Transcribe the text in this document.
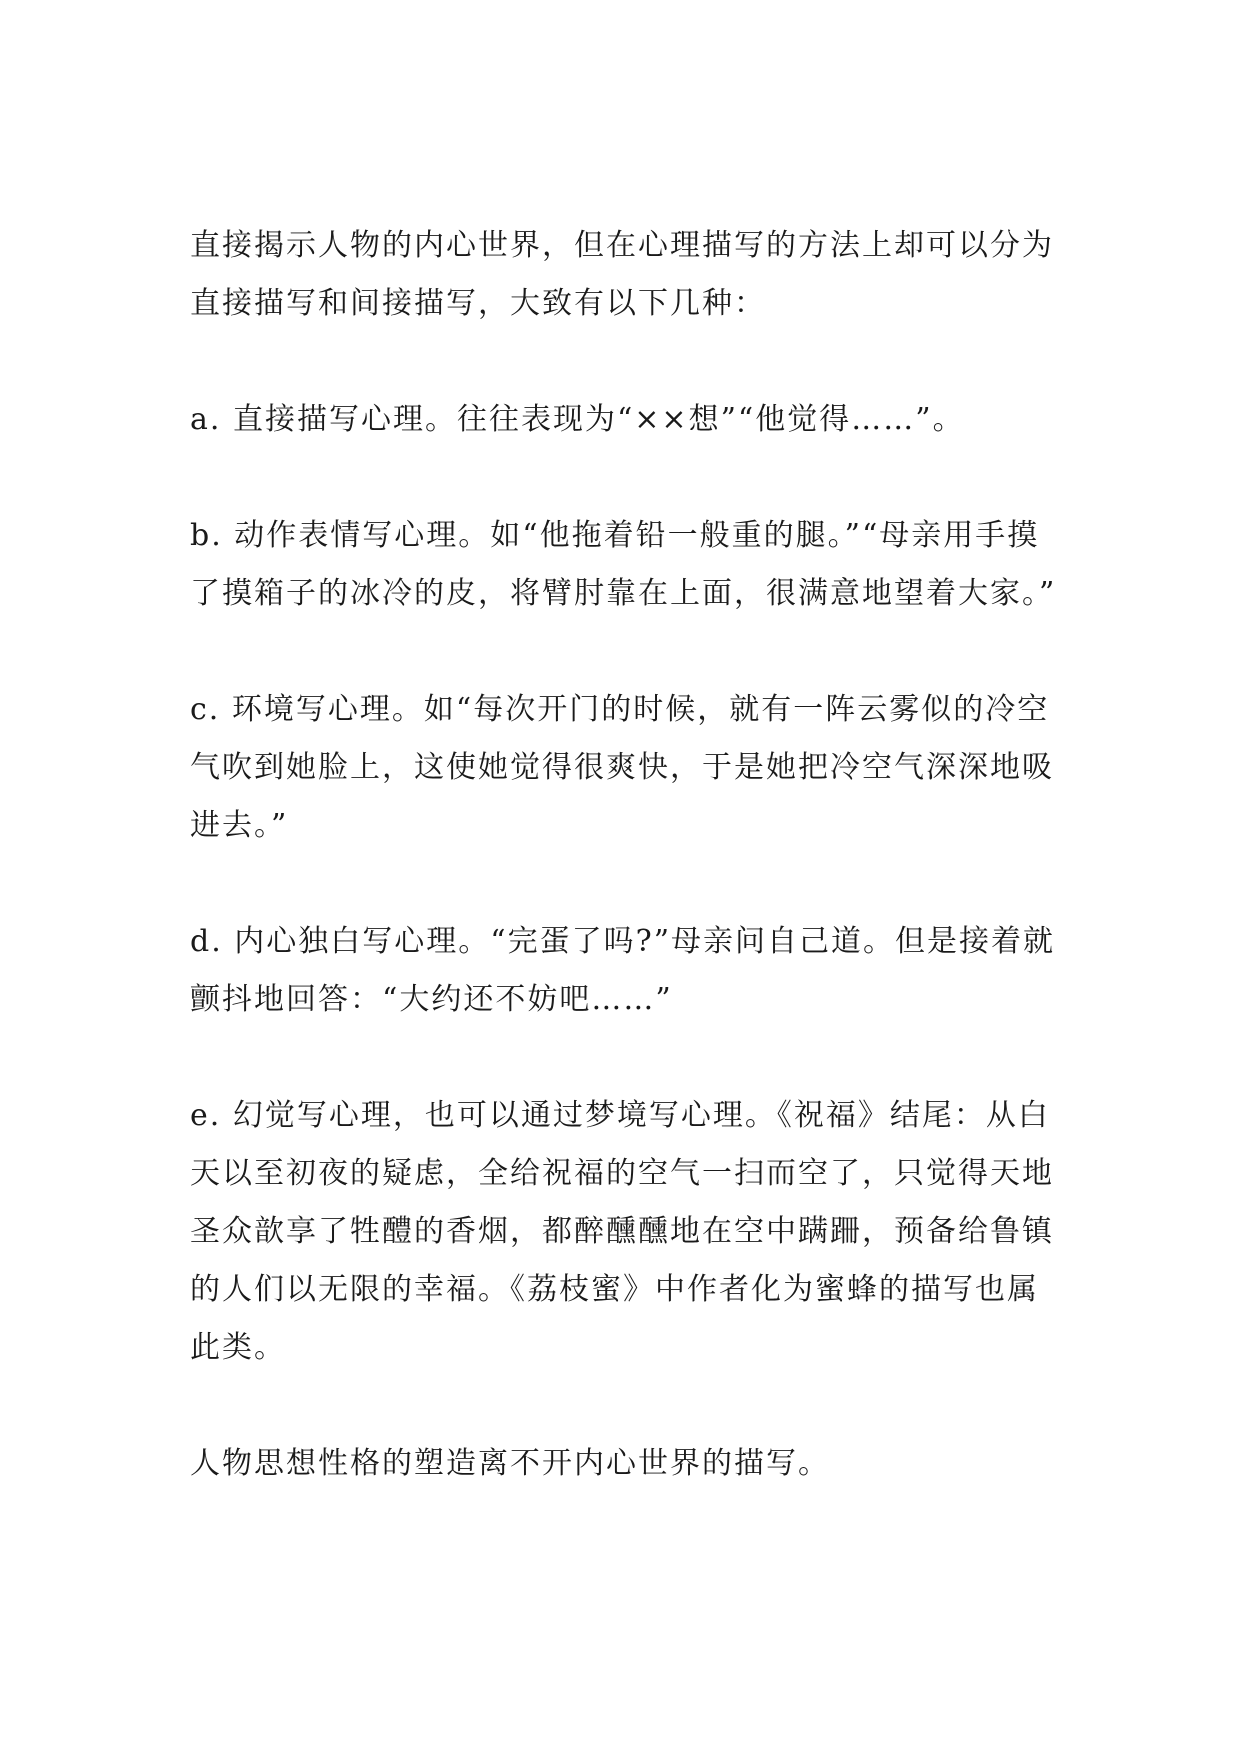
直接揭示人物的内心世界，但在心理描写的方法上却可以分为直接描写和间接描写，大致有以下几种：

a. 直接描写心理。往往表现为“××想”“他觉得……”。

b. 动作表情写心理。如“他拖着铅一般重的腿。”“母亲用手摸了摸箱子的冰冷的皮，将臂肘靠在上面，很满意地望着大家。”

c. 环境写心理。如“每次开门的时候，就有一阵云雾似的冷空气吹到她脸上，这使她觉得很爽快，于是她把冷空气深深地吸进去。”

d. 内心独白写心理。“完蛋了吗?”母亲问自己道。但是接着就颤抖地回答：“大约还不妨吧……”

e. 幻觉写心理，也可以通过梦境写心理。《祝福》结尾：从白天以至初夜的疑虑，全给祝福的空气一扫而空了，只觉得天地圣众歆享了牲醴的香烟，都醉醺醺地在空中蹒跚，预备给鲁镇的人们以无限的幸福。《荔枝蜜》中作者化为蜜蜂的描写也属此类。

人物思想性格的塑造离不开内心世界的描写。
